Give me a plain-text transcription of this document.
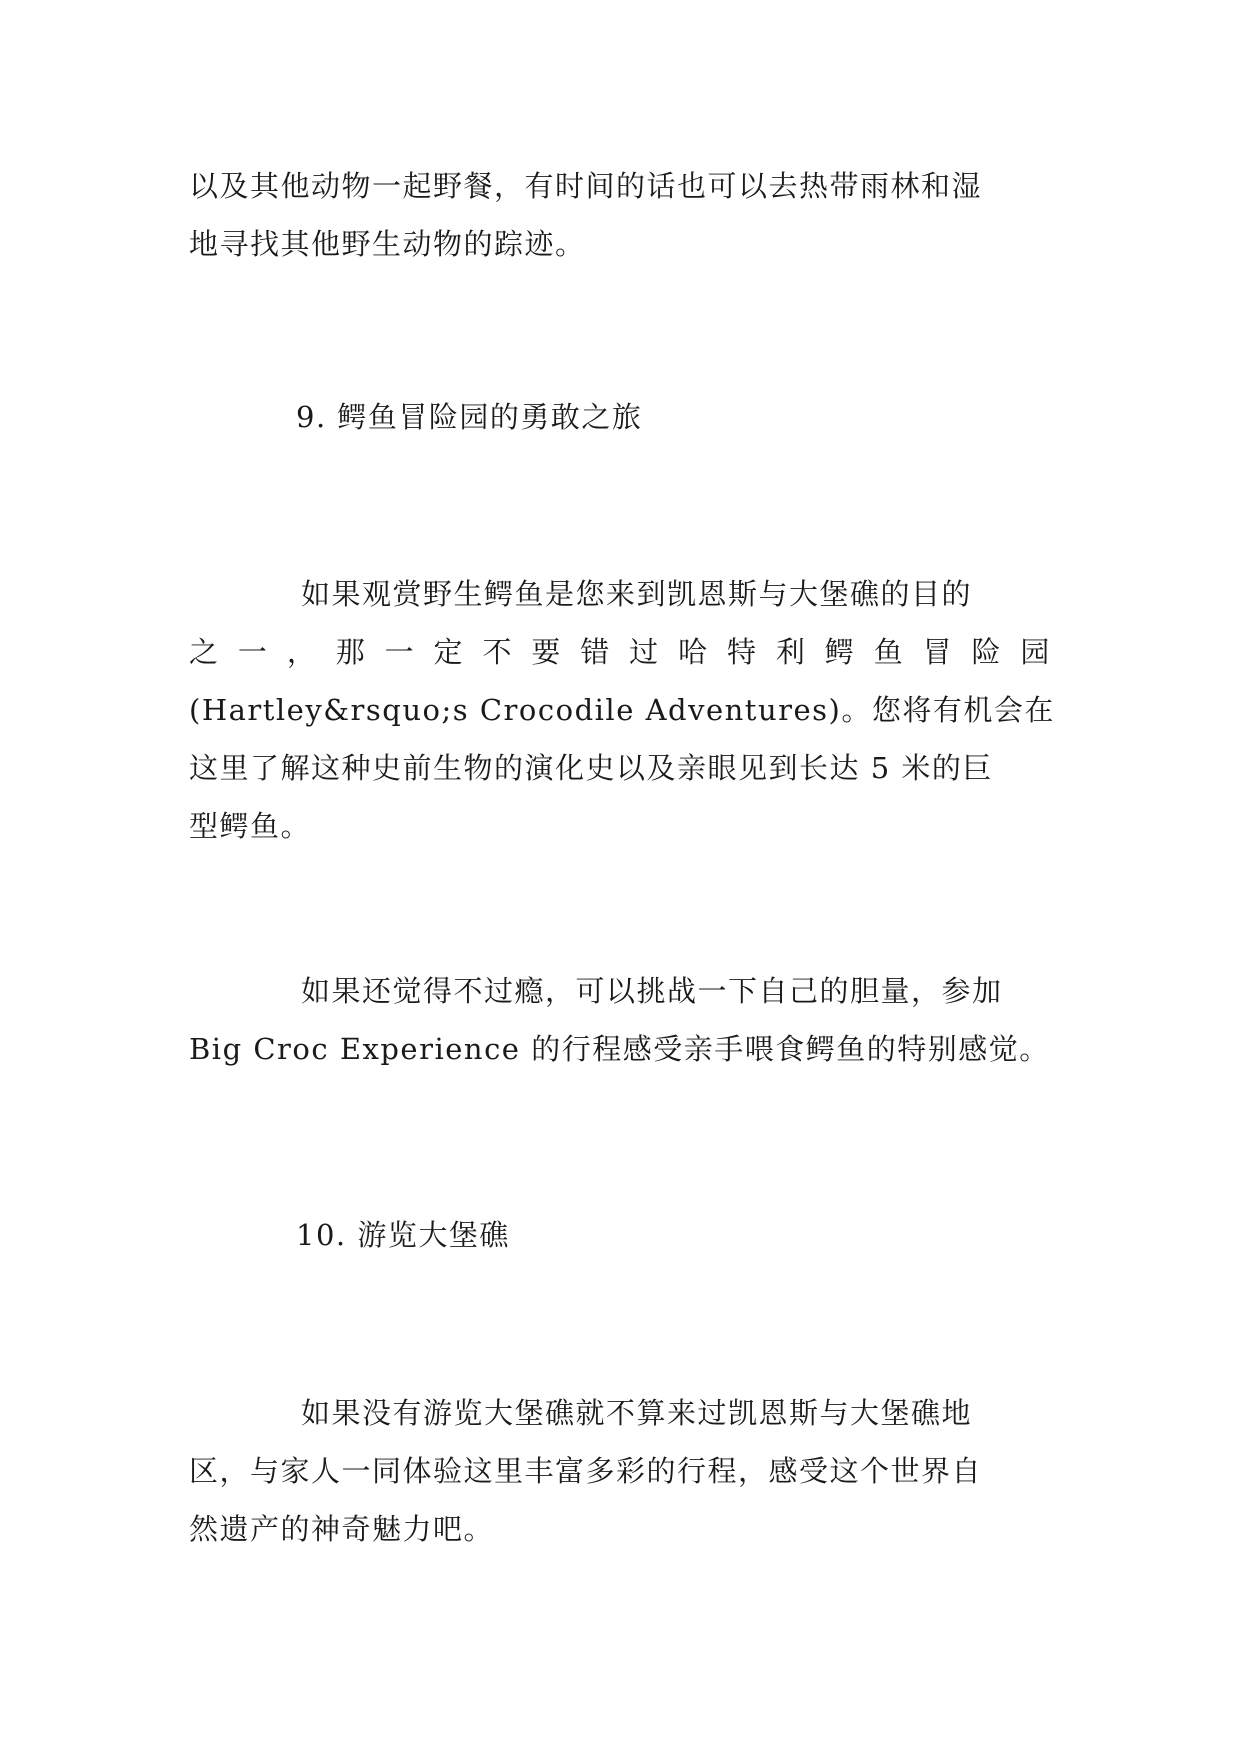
以及其他动物一起野餐，有时间的话也可以去热带雨林和湿
地寻找其他野生动物的踪迹。
9. 鳄鱼冒险园的勇敢之旅
如果观赏野生鳄鱼是您来到凯恩斯与大堡礁的目的
之 一 ， 那 一 定 不 要 错 过 哈 特 利 鳄 鱼 冒 险 园
(Hartley&rsquo;s Crocodile Adventures)。您将有机会在
这里了解这种史前生物的演化史以及亲眼见到长达 5 米的巨
型鳄鱼。
如果还觉得不过瘾，可以挑战一下自己的胆量，参加
Big Croc Experience 的行程感受亲手喂食鳄鱼的特别感觉。
10. 游览大堡礁
如果没有游览大堡礁就不算来过凯恩斯与大堡礁地
区，与家人一同体验这里丰富多彩的行程，感受这个世界自
然遗产的神奇魅力吧。
